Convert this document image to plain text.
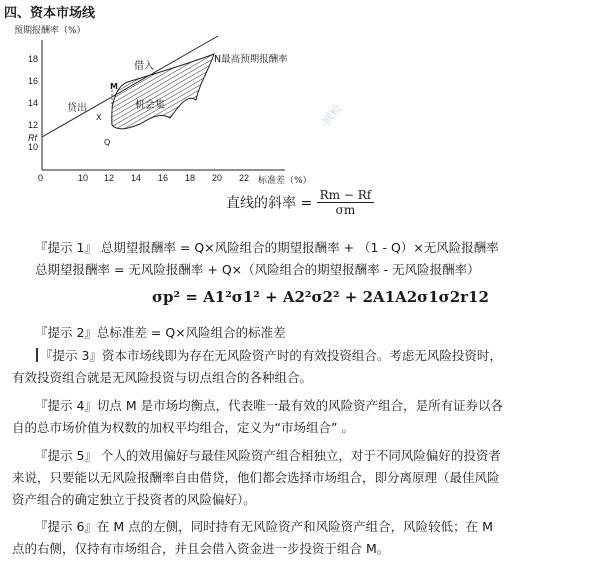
四、资本市场线
预期报酬率（%）
18
16
14
12
10
Rf
0	10 12 14 16 18 20 22 标准差（%）
借入
贷出	机会集
N最高预期报酬率
M
X
Q
·网校
直线的斜率 = $\frac{Rm - Rf}{\sigma m}$
『提示 1』 总期望报酬率 = Q×风险组合的期望报酬率 + （1 - Q）×无风险报酬率
总期望报酬率 = 无风险报酬率 + Q×（风险组合的期望报酬率 - 无风险报酬率）
σp² = A1²σ1² + A2²σ2² + 2A1A2σ1σ2r12
『提示 2』总标准差 = Q×风险组合的标准差
『提示 3』资本市场线即为存在无风险资产时的有效投资组合。考虑无风险投资时，
有效投资组合就是无风险投资与切点组合的各种组合。
『提示 4』切点 M 是市场均衡点，代表唯一最有效的风险资产组合，是所有证券以各
自的总市场价值为权数的加权平均组合，定义为“市场组合” 。
『提示 5』 个人的效用偏好与最佳风险资产组合相独立，对于不同风险偏好的投资者
来说，只要能以无风险报酬率自由借贷，他们都会选择市场组合，即分离原理（最佳风险
资产组合的确定独立于投资者的风险偏好）。
『提示 6』在 M 点的左侧，同时持有无风险资产和风险资产组合，风险较低；在 M
点的右侧，仅持有市场组合，并且会借入资金进一步投资于组合 M。
